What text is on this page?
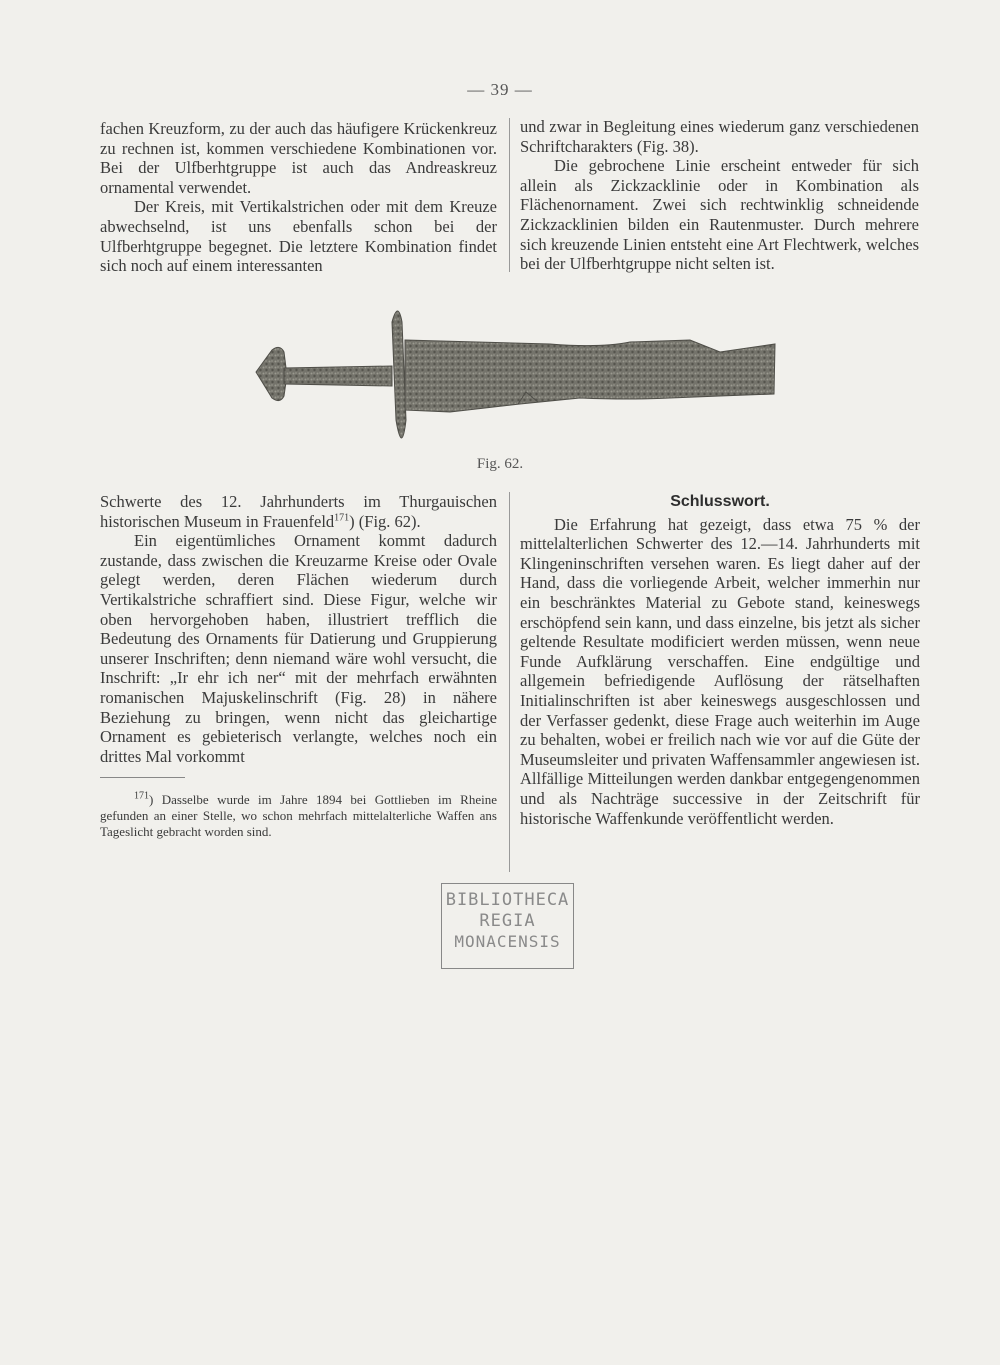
— 39 —

fachen Kreuzform, zu der auch das häufigere Krückenkreuz zu rechnen ist, kommen verschiedene Kombinationen vor. Bei der Ulfberhtgruppe ist auch das Andreaskreuz ornamental verwendet.

Der Kreis, mit Vertikalstrichen oder mit dem Kreuze abwechselnd, ist uns ebenfalls schon bei der Ulfberhtgruppe begegnet. Die letztere Kombination findet sich noch auf einem interessanten

und zwar in Begleitung eines wiederum ganz verschiedenen Schriftcharakters (Fig. 38).

Die gebrochene Linie erscheint entweder für sich allein als Zickzacklinie oder in Kombination als Flächenornament. Zwei sich rechtwinklig schneidende Zickzacklinien bilden ein Rautenmuster. Durch mehrere sich kreuzende Linien entsteht eine Art Flechtwerk, welches bei der Ulfberhtgruppe nicht selten ist.

Fig. 62.

Schwerte des 12. Jahrhunderts im Thurgauischen historischen Museum in Frauenfeld$^{171}$) (Fig. 62).

Ein eigentümliches Ornament kommt dadurch zustande, dass zwischen die Kreuzarme Kreise oder Ovale gelegt werden, deren Flächen wiederum durch Vertikalstriche schraffiert sind. Diese Figur, welche wir oben hervorgehoben haben, illustriert trefflich die Bedeutung des Ornaments für Datierung und Gruppierung unserer Inschriften; denn niemand wäre wohl versucht, die Inschrift: „Ir ehr ich ner“ mit der mehrfach erwähnten romanischen Majuskelinschrift (Fig. 28) in nähere Beziehung zu bringen, wenn nicht das gleichartige Ornament es gebieterisch verlangte, welches noch ein drittes Mal vorkommt

$^{171}$) Dasselbe wurde im Jahre 1894 bei Gottlieben im Rheine gefunden an einer Stelle, wo schon mehrfach mittelalterliche Waffen ans Tageslicht gebracht worden sind.

Schlusswort.

Die Erfahrung hat gezeigt, dass etwa 75 % der mittelalterlichen Schwerter des 12.—14. Jahrhunderts mit Klingeninschriften versehen waren. Es liegt daher auf der Hand, dass die vorliegende Arbeit, welcher immerhin nur ein beschränktes Material zu Gebote stand, keineswegs erschöpfend sein kann, und dass einzelne, bis jetzt als sicher geltende Resultate modificiert werden müssen, wenn neue Funde Aufklärung verschaffen. Eine endgültige und allgemein befriedigende Auflösung der rätselhaften Initialinschriften ist aber keineswegs ausgeschlossen und der Verfasser gedenkt, diese Frage auch weiterhin im Auge zu behalten, wobei er freilich nach wie vor auf die Güte der Museumsleiter und privaten Waffensammler angewiesen ist. Allfällige Mitteilungen werden dankbar entgegengenommen und als Nachträge successive in der Zeitschrift für historische Waffenkunde veröffentlicht werden.

BIBLIOTHECA
REGIA
MONACENSIS
